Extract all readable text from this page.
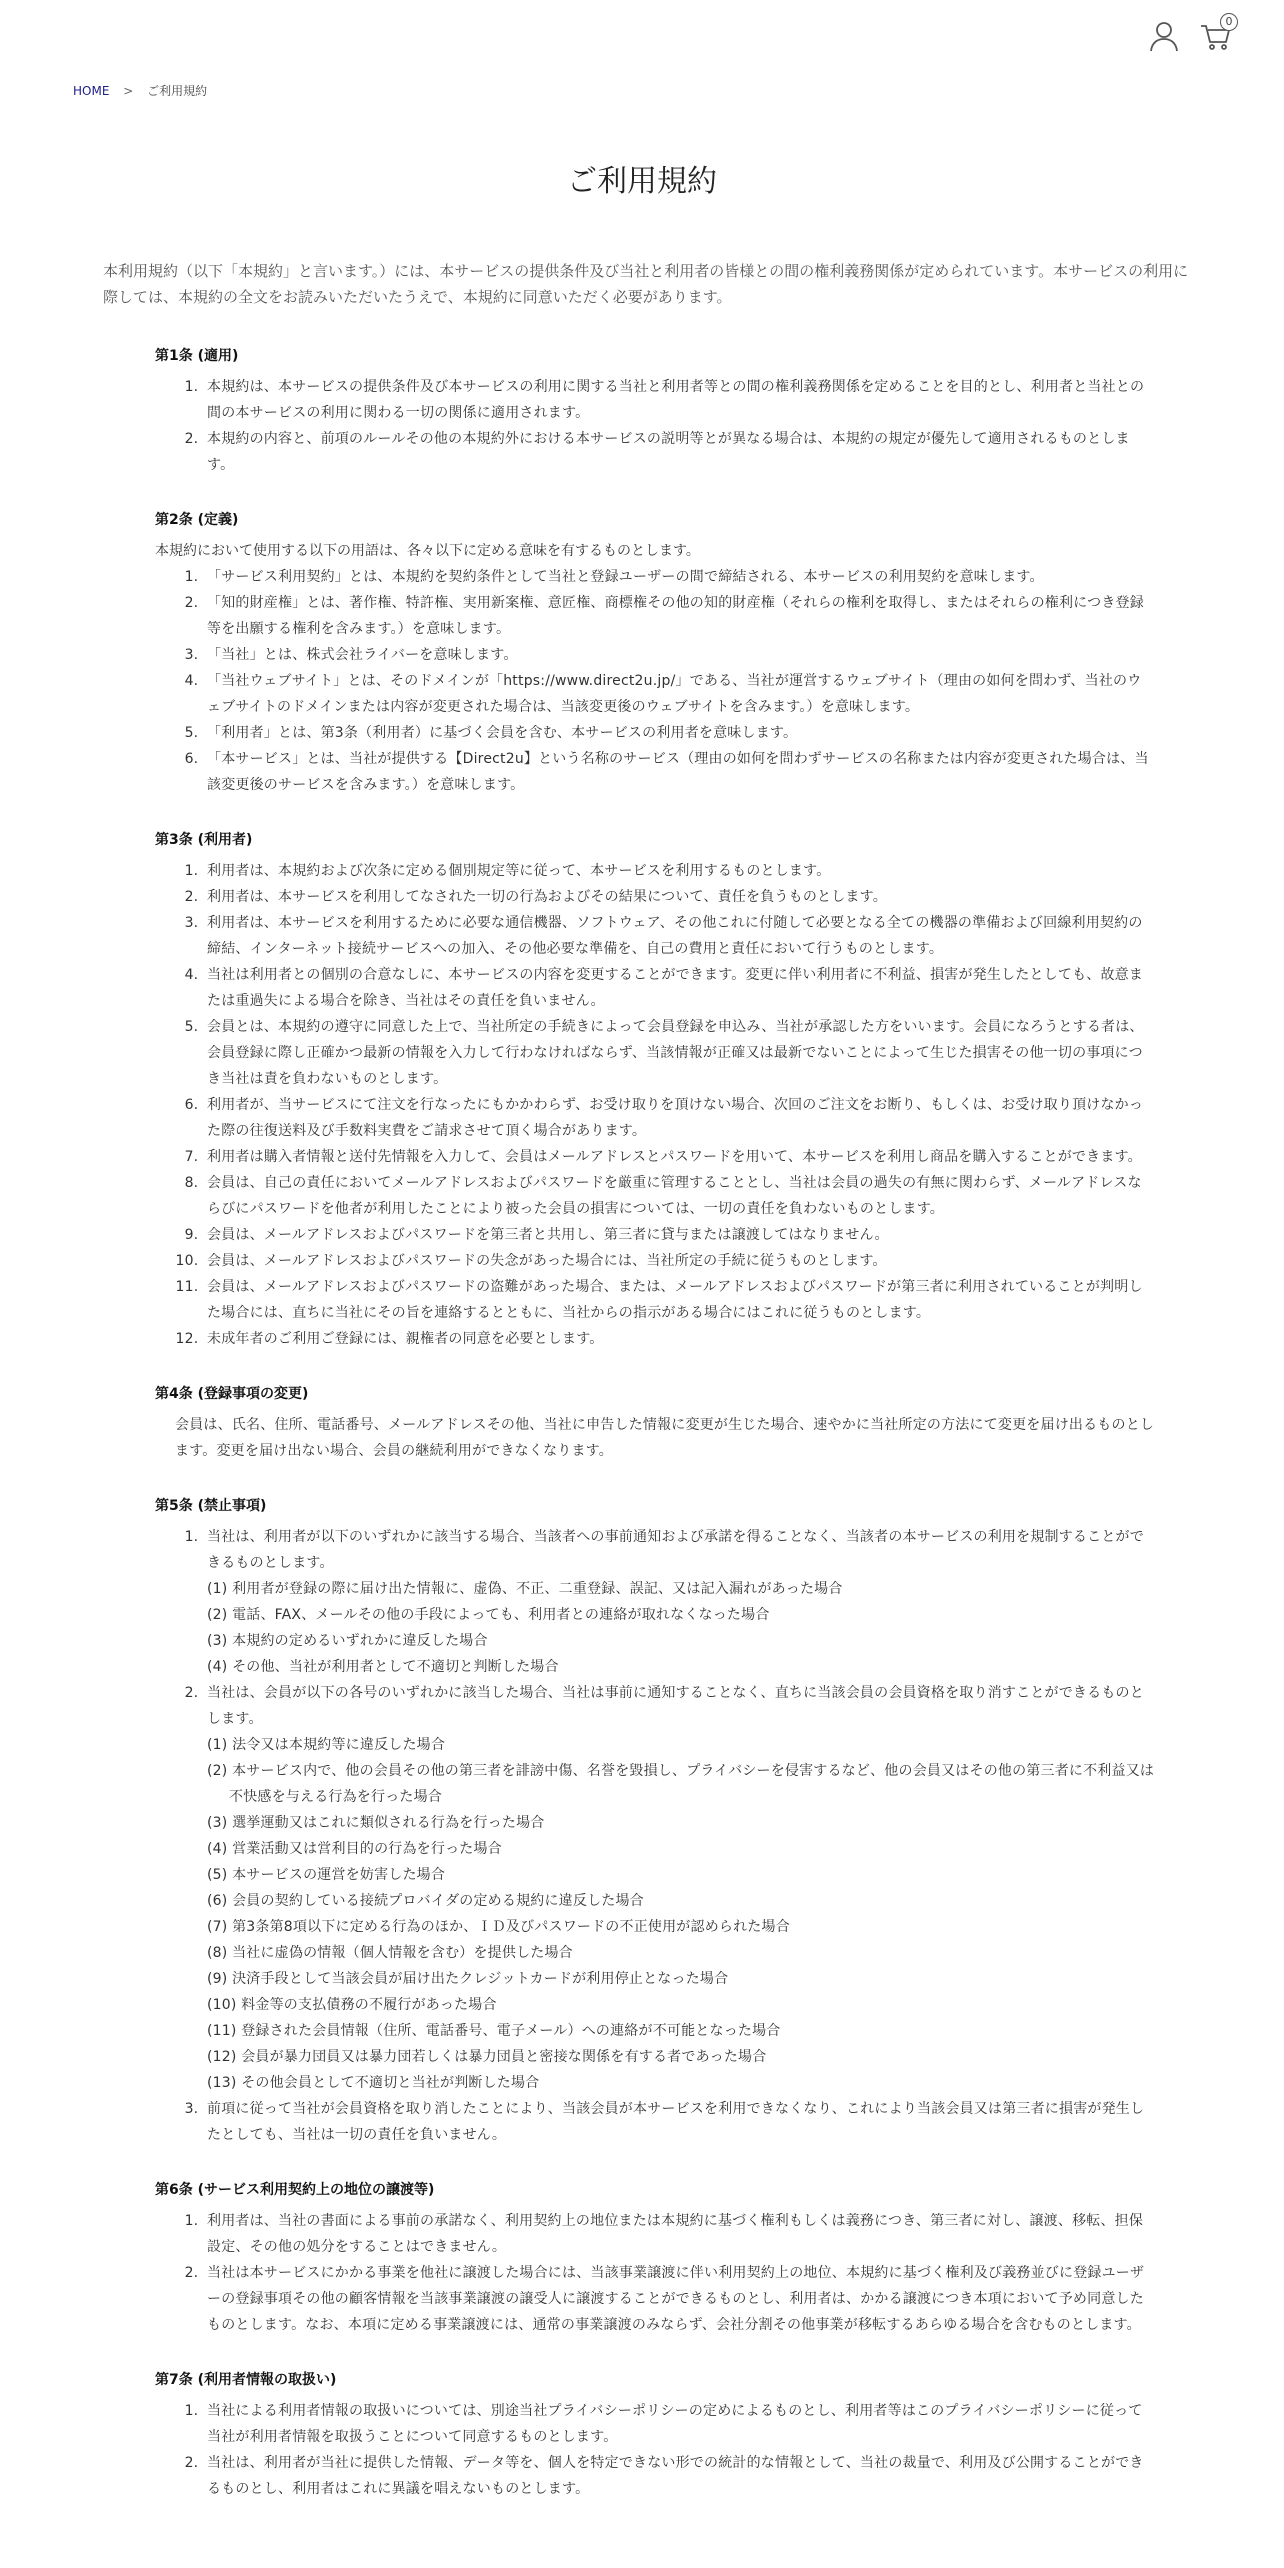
0
HOME > ご利用規約
ご利用規約

本利用規約（以下「本規約」と言います。）には、本サービスの提供条件及び当社と利用者の皆様との間の権利義務関係が定められています。本サービスの利用に際しては、本規約の全文をお読みいただいたうえで、本規約に同意いただく必要があります。

第1条 (適用)
1. 本規約は、本サービスの提供条件及び本サービスの利用に関する当社と利用者等との間の権利義務関係を定めることを目的とし、利用者と当社との間の本サービスの利用に関わる一切の関係に適用されます。
2. 本規約の内容と、前項のルールその他の本規約外における本サービスの説明等とが異なる場合は、本規約の規定が優先して適用されるものとします。
第2条 (定義)

本規約において使用する以下の用語は、各々以下に定める意味を有するものとします。

1. 「サービス利用契約」とは、本規約を契約条件として当社と登録ユーザーの間で締結される、本サービスの利用契約を意味します。
2. 「知的財産権」とは、著作権、特許権、実用新案権、意匠権、商標権その他の知的財産権（それらの権利を取得し、またはそれらの権利につき登録等を出願する権利を含みます。）を意味します。
3. 「当社」とは、株式会社ライバーを意味します。
4. 「当社ウェブサイト」とは、そのドメインが「https://www.direct2u.jp/」である、当社が運営するウェブサイト（理由の如何を問わず、当社のウェブサイトのドメインまたは内容が変更された場合は、当該変更後のウェブサイトを含みます。）を意味します。
5. 「利用者」とは、第3条（利用者）に基づく会員を含む、本サービスの利用者を意味します。
6. 「本サービス」とは、当社が提供する【Direct2u】という名称のサービス（理由の如何を問わずサービスの名称または内容が変更された場合は、当該変更後のサービスを含みます。）を意味します。
第3条 (利用者)
1. 利用者は、本規約および次条に定める個別規定等に従って、本サービスを利用するものとします。
2. 利用者は、本サービスを利用してなされた一切の行為およびその結果について、責任を負うものとします。
3. 利用者は、本サービスを利用するために必要な通信機器、ソフトウェア、その他これに付随して必要となる全ての機器の準備および回線利用契約の締結、インターネット接続サービスへの加入、その他必要な準備を、自己の費用と責任において行うものとします。
4. 当社は利用者との個別の合意なしに、本サービスの内容を変更することができます。変更に伴い利用者に不利益、損害が発生したとしても、故意または重過失による場合を除き、当社はその責任を負いません。
5. 会員とは、本規約の遵守に同意した上で、当社所定の手続きによって会員登録を申込み、当社が承認した方をいいます。会員になろうとする者は、会員登録に際し正確かつ最新の情報を入力して行わなければならず、当該情報が正確又は最新でないことによって生じた損害その他一切の事項につき当社は責を負わないものとします。
6. 利用者が、当サービスにて注文を行なったにもかかわらず、お受け取りを頂けない場合、次回のご注文をお断り、もしくは、お受け取り頂けなかった際の往復送料及び手数料実費をご請求させて頂く場合があります。
7. 利用者は購入者情報と送付先情報を入力して、会員はメールアドレスとパスワードを用いて、本サービスを利用し商品を購入することができます。
8. 会員は、自己の責任においてメールアドレスおよびパスワードを厳重に管理することとし、当社は会員の過失の有無に関わらず、メールアドレスならびにパスワードを他者が利用したことにより被った会員の損害については、一切の責任を負わないものとします。
9. 会員は、メールアドレスおよびパスワードを第三者と共用し、第三者に貸与または譲渡してはなりません。
10. 会員は、メールアドレスおよびパスワードの失念があった場合には、当社所定の手続に従うものとします。
11. 会員は、メールアドレスおよびパスワードの盗難があった場合、または、メールアドレスおよびパスワードが第三者に利用されていることが判明した場合には、直ちに当社にその旨を連絡するとともに、当社からの指示がある場合にはこれに従うものとします。
12. 未成年者のご利用ご登録には、親権者の同意を必要とします。
第4条 (登録事項の変更)

会員は、氏名、住所、電話番号、メールアドレスその他、当社に申告した情報に変更が生じた場合、速やかに当社所定の方法にて変更を届け出るものとします。変更を届け出ない場合、会員の継続利用ができなくなります。

第5条 (禁止事項)
1. 当社は、利用者が以下のいずれかに該当する場合、当該者への事前通知および承諾を得ることなく、当該者の本サービスの利用を規制することができるものとします。
(1) 利用者が登録の際に届け出た情報に、虚偽、不正、二重登録、誤記、又は記入漏れがあった場合
(2) 電話、FAX、メールその他の手段によっても、利用者との連絡が取れなくなった場合
(3) 本規約の定めるいずれかに違反した場合
(4) その他、当社が利用者として不適切と判断した場合
2. 当社は、会員が以下の各号のいずれかに該当した場合、当社は事前に通知することなく、直ちに当該会員の会員資格を取り消すことができるものとします。
(1) 法令又は本規約等に違反した場合
(2) 本サービス内で、他の会員その他の第三者を誹謗中傷、名誉を毀損し、プライバシーを侵害するなど、他の会員又はその他の第三者に不利益又は不快感を与える行為を行った場合
(3) 選挙運動又はこれに類似される行為を行った場合
(4) 営業活動又は営利目的の行為を行った場合
(5) 本サービスの運営を妨害した場合
(6) 会員の契約している接続プロバイダの定める規約に違反した場合
(7) 第3条第8項以下に定める行為のほか、ＩＤ及びパスワードの不正使用が認められた場合
(8) 当社に虚偽の情報（個人情報を含む）を提供した場合
(9) 決済手段として当該会員が届け出たクレジットカードが利用停止となった場合
(10) 料金等の支払債務の不履行があった場合
(11) 登録された会員情報（住所、電話番号、電子メール）への連絡が不可能となった場合
(12) 会員が暴力団員又は暴力団若しくは暴力団員と密接な関係を有する者であった場合
(13) その他会員として不適切と当社が判断した場合
3. 前項に従って当社が会員資格を取り消したことにより、当該会員が本サービスを利用できなくなり、これにより当該会員又は第三者に損害が発生したとしても、当社は一切の責任を負いません。
第6条 (サービス利用契約上の地位の譲渡等)
1. 利用者は、当社の書面による事前の承諾なく、利用契約上の地位または本規約に基づく権利もしくは義務につき、第三者に対し、譲渡、移転、担保設定、その他の処分をすることはできません。
2. 当社は本サービスにかかる事業を他社に譲渡した場合には、当該事業譲渡に伴い利用契約上の地位、本規約に基づく権利及び義務並びに登録ユーザーの登録事項その他の顧客情報を当該事業譲渡の譲受人に譲渡することができるものとし、利用者は、かかる譲渡につき本項において予め同意したものとします。なお、本項に定める事業譲渡には、通常の事業譲渡のみならず、会社分割その他事業が移転するあらゆる場合を含むものとします。
第7条 (利用者情報の取扱い)
1. 当社による利用者情報の取扱いについては、別途当社プライバシーポリシーの定めによるものとし、利用者等はこのプライバシーポリシーに従って当社が利用者情報を取扱うことについて同意するものとします。
2. 当社は、利用者が当社に提供した情報、データ等を、個人を特定できない形での統計的な情報として、当社の裁量で、利用及び公開することができるものとし、利用者はこれに異議を唱えないものとします。
